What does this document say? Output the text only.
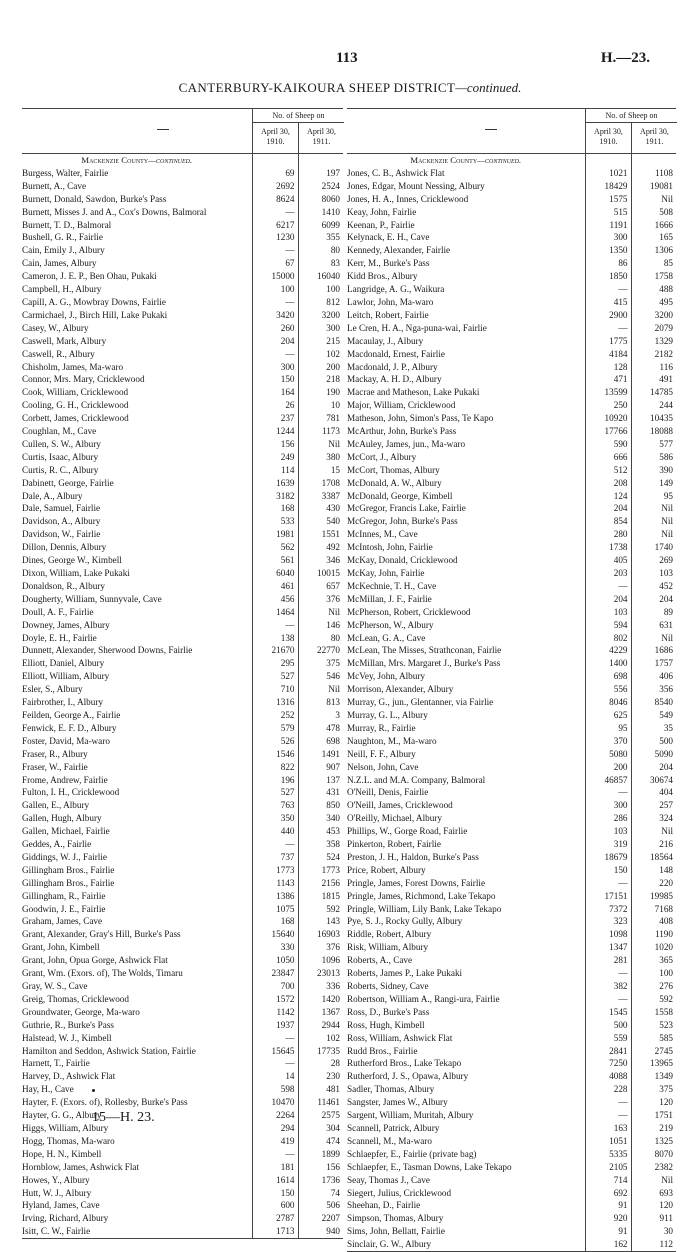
113	H.—23.
CANTERBURY-KAIKOURA SHEEP DISTRICT—continued.
No. of Sheep on
April 30, 1910.
April 30, 1911.
Mackenzie County—continued.		
Burgess, Walter, Fairlie	69	197
Burnett, A., Cave	2692	2524
Burnett, Donald, Sawdon, Burke's Pass	8624	8060
Burnett, Misses J. and A., Cox's Downs, Balmoral	—	1410
Burnett, T. D., Balmoral	6217	6099
Bushell, G. R., Fairlie	1230	355
Cain, Emily J., Albury	—	80
Cain, James, Albury	67	83
Cameron, J. E. P., Ben Ohau, Pukaki	15000	16040
Campbell, H., Albury	100	100
Capill, A. G., Mowbray Downs, Fairlie	—	812
Carmichael, J., Birch Hill, Lake Pukaki	3420	3200
Casey, W., Albury	260	300
Caswell, Mark, Albury	204	215
Caswell, R., Albury	—	102
Chisholm, James, Ma-waro	300	200
Connor, Mrs. Mary, Cricklewood	150	218
Cook, William, Cricklewood	164	190
Cooling, G. H., Cricklewood	26	10
Corbett, James, Cricklewood	237	781
Coughlan, M., Cave	1244	1173
Cullen, S. W., Albury	156	Nil
Curtis, Isaac, Albury	249	380
Curtis, R. C., Albury	114	15
Dabinett, George, Fairlie	1639	1708
Dale, A., Albury	3182	3387
Dale, Samuel, Fairlie	168	430
Davidson, A., Albury	533	540
Davidson, W., Fairlie	1981	1551
Dillon, Dennis, Albury	562	492
Dines, George W., Kimbell	561	346
Dixon, William, Lake Pukaki	6040	10015
Donaldson, R., Albury	461	657
Dougherty, William, Sunnyvale, Cave	456	376
Doull, A. F., Fairlie	1464	Nil
Downey, James, Albury	—	146
Doyle, E. H., Fairlie	138	80
Dunnett, Alexander, Sherwood Downs, Fairlie	21670	22770
Elliott, Daniel, Albury	295	375
Elliott, William, Albury	527	546
Esler, S., Albury	710	Nil
Fairbrother, I., Albury	1316	813
Feilden, George A., Fairlie	252	3
Fenwick, E. F. D., Albury	579	478
Foster, David, Ma-waro	526	698
Fraser, R., Albury	1546	1491
Fraser, W., Fairlie	822	907
Frome, Andrew, Fairlie	196	137
Fulton, I. H., Cricklewood	527	431
Gallen, E., Albury	763	850
Gallen, Hugh, Albury	350	340
Gallen, Michael, Fairlie	440	453
Geddes, A., Fairlie	—	358
Giddings, W. J., Fairlie	737	524
Gillingham Bros., Fairlie	1773	1773
Gillingham Bros., Fairlie	1143	2156
Gillingham, R., Fairlie	1386	1815
Goodwin, J. E., Fairlie	1075	592
Graham, James, Cave	168	143
Grant, Alexander, Gray's Hill, Burke's Pass	15640	16903
Grant, John, Kimbell	330	376
Grant, John, Opua Gorge, Ashwick Flat	1050	1096
Grant, Wm. (Exors. of), The Wolds, Timaru	23847	23013
Gray, W. S., Cave	700	336
Greig, Thomas, Cricklewood	1572	1420
Groundwater, George, Ma-waro	1142	1367
Guthrie, R., Burke's Pass	1937	2944
Halstead, W. J., Kimbell	—	102
Hamilton and Seddon, Ashwick Station, Fairlie	15645	17735
Harnett, T., Fairlie	—	28
Harvey, D., Ashwick Flat	14	230
Hay, H., Cave	598	481
Hayter, F. (Exors. of), Rollesby, Burke's Pass	10470	11461
Hayter, G. G., Albury	2264	2575
Higgs, William, Albury	294	304
Hogg, Thomas, Ma-waro	419	474
Hope, H. N., Kimbell	—	1899
Hornblow, James, Ashwick Flat	181	156
Howes, Y., Albury	1614	1736
Hutt, W. J., Albury	150	74
Hyland, James, Cave	600	506
Irving, Richard, Albury	2787	2207
Isitt, C. W., Fairlie	1713	940
No. of Sheep on
April 30, 1910.
April 30, 1911.
Mackenzie County—continued.		
Jones, C. B., Ashwick Flat	1021	1108
Jones, Edgar, Mount Nessing, Albury	18429	19081
Jones, H. A., Innes, Cricklewood	1575	Nil
Keay, John, Fairlie	515	508
Keenan, P., Fairlie	1191	1666
Kelynack, E. H., Cave	300	165
Kennedy, Alexander, Fairlie	1350	1306
Kerr, M., Burke's Pass	86	85
Kidd Bros., Albury	1850	1758
Langridge, A. G., Waikura	—	488
Lawlor, John, Ma-waro	415	495
Leitch, Robert, Fairlie	2900	3200
Le Cren, H. A., Nga-puna-wai, Fairlie	—	2079
Macaulay, J., Albury	1775	1329
Macdonald, Ernest, Fairlie	4184	2182
Macdonald, J. P., Albury	128	116
Mackay, A. H. D., Albury	471	491
Macrae and Matheson, Lake Pukaki	13599	14785
Major, William, Cricklewood	250	244
Matheson, John, Simon's Pass, Te Kapo	10920	10435
McArthur, John, Burke's Pass	17766	18088
McAuley, James, jun., Ma-waro	590	577
McCort, J., Albury	666	586
McCort, Thomas, Albury	512	390
McDonald, A. W., Albury	208	149
McDonald, George, Kimbell	124	95
McGregor, Francis Lake, Fairlie	204	Nil
McGregor, John, Burke's Pass	854	Nil
McInnes, M., Cave	280	Nil
McIntosh, John, Fairlie	1738	1740
McKay, Donald, Cricklewood	405	269
McKay, John, Fairlie	203	103
McKechnie, T. H., Cave	—	452
McMillan, J. F., Fairlie	204	204
McPherson, Robert, Cricklewood	103	89
McPherson, W., Albury	594	631
McLean, G. A., Cave	802	Nil
McLean, The Misses, Strathconan, Fairlie	4229	1686
McMillan, Mrs. Margaret J., Burke's Pass	1400	1757
McVey, John, Albury	698	406
Morrison, Alexander, Albury	556	356
Murray, G., jun., Glentanner, via Fairlie	8046	8540
Murray, G. L., Albury	625	549
Murray, R., Fairlie	95	35
Naughton, M., Ma-waro	370	500
Neill, F. F., Albury	5080	5090
Nelson, John, Cave	200	204
N.Z.L. and M.A. Company, Balmoral	46857	30674
O'Neill, Denis, Fairlie	—	404
O'Neill, James, Cricklewood	300	257
O'Reilly, Michael, Albury	286	324
Phillips, W., Gorge Road, Fairlie	103	Nil
Pinkerton, Robert, Fairlie	319	216
Preston, J. H., Haldon, Burke's Pass	18679	18564
Price, Robert, Albury	150	148
Pringle, James, Forest Downs, Fairlie	—	220
Pringle, James, Richmond, Lake Tekapo	17151	19985
Pringle, William, Lily Bank, Lake Tekapo	7372	7168
Pye, S. J., Rocky Gully, Albury	323	408
Riddle, Robert, Albury	1098	1190
Risk, William, Albury	1347	1020
Roberts, A., Cave	281	365
Roberts, James P., Lake Pukaki	—	100
Roberts, Sidney, Cave	382	276
Robertson, William A., Rangi-ura, Fairlie	—	592
Ross, D., Burke's Pass	1545	1558
Ross, Hugh, Kimbell	500	523
Ross, William, Ashwick Flat	559	585
Rudd Bros., Fairlie	2841	2745
Rutherford Bros., Lake Tekapo	7250	13965
Rutherford, J. S., Opawa, Albury	4088	1349
Sadler, Thomas, Albury	228	375
Sangster, James W., Albury	—	120
Sargent, William, Muritah, Albury	—	1751
Scannell, Patrick, Albury	163	219
Scannell, M., Ma-waro	1051	1325
Schlaepfer, E., Fairlie (private bag)	5335	8070
Schlaepfer, E., Tasman Downs, Lake Tekapo	2105	2382
Seay, Thomas J., Cave	714	Nil
Siegert, Julius, Cricklewood	692	693
Sheehan, D., Fairlie	91	120
Simpson, Thomas, Albury	920	911
Sims, John, Bellatt, Fairlie	91	30
Sinclair, G. W., Albury	162	112
15—H. 23.
